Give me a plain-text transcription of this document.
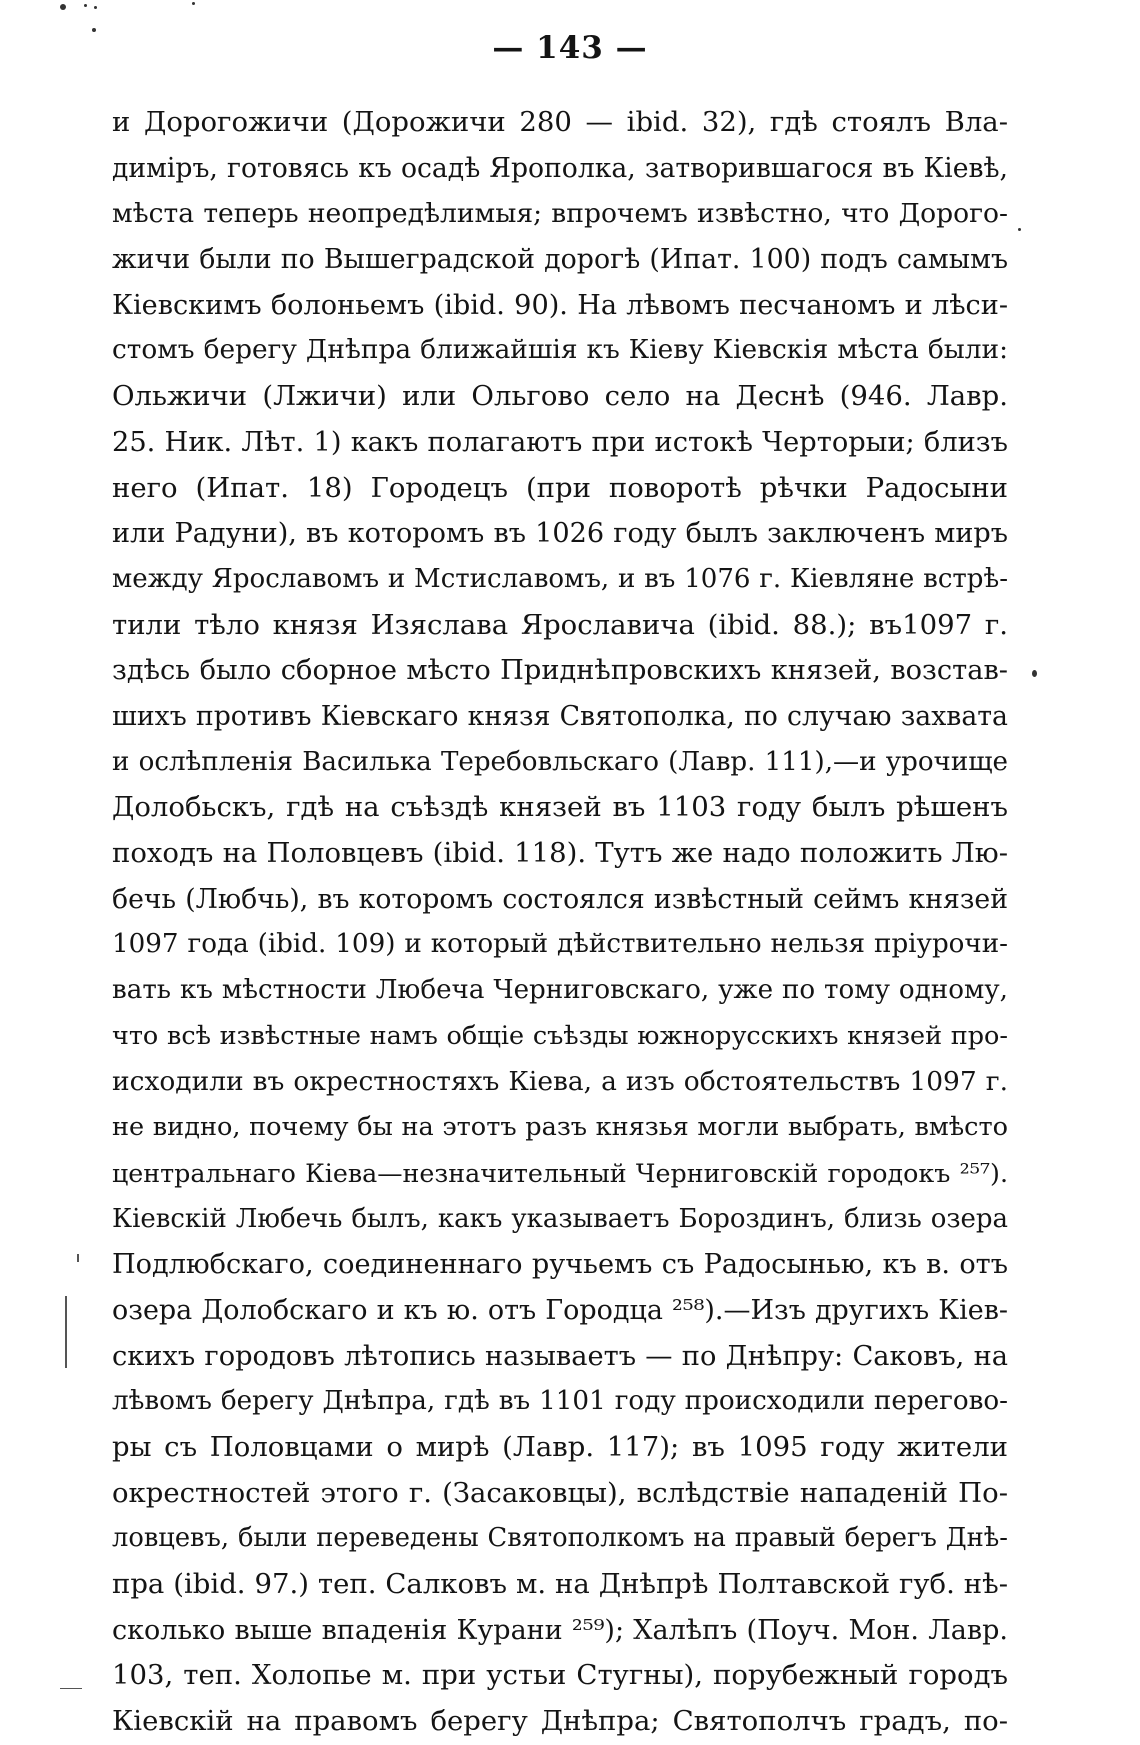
— 143 —
и Дорогожичи (Дорожичи 280 — ibid. 32), гдѣ стоялъ Вла-
диміръ, готовясь къ осадѣ Ярополка, затворившагося въ Кіевѣ,
мѣста теперь неопредѣлимыя; впрочемъ извѣстно, что Дорого-
жичи были по Вышеградской дорогѣ (Ипат. 100) подъ самымъ
Кіевскимъ болоньемъ (ibid. 90). На лѣвомъ песчаномъ и лѣси-
стомъ берегу Днѣпра ближайшія къ Кіеву Кіевскія мѣста были:
Ольжичи (Лжичи) или Ольгово село на Деснѣ (946. Лавр.
25. Ник. Лѣт. 1) какъ полагаютъ при истокѣ Черторыи; близъ
него (Ипат. 18) Городецъ (при поворотѣ рѣчки Радосыни
или Радуни), въ которомъ въ 1026 году былъ заключенъ миръ
между Ярославомъ и Мстиславомъ, и въ 1076 г. Кіевляне встрѣ-
тили тѣло князя Изяслава Ярославича (ibid. 88.); въ1097 г.
здѣсь было сборное мѣсто Приднѣпровскихъ князей, возстав-
шихъ противъ Кіевскаго князя Святополка, по случаю захвата
и ослѣпленія Василька Теребовльскаго (Лавр. 111),—и урочище
Долобьскъ, гдѣ на съѣздѣ князей въ 1103 году былъ рѣшенъ
походъ на Половцевъ (ibid. 118). Тутъ же надо положить Лю-
бечь (Любчь), въ которомъ состоялся извѣстный сеймъ князей
1097 года (ibid. 109) и который дѣйствительно нельзя пріурочи-
вать къ мѣстности Любеча Черниговскаго, уже по тому одному,
что всѣ извѣстные намъ общіе съѣзды южнорусскихъ князей про-
исходили въ окрестностяхъ Кіева, а изъ обстоятельствъ 1097 г.
не видно, почему бы на этотъ разъ князья могли выбрать, вмѣсто
центральнаго Кіева—незначительный Черниговскій городокъ ²⁵⁷).
Кіевскій Любечь былъ, какъ указываетъ Бороздинъ, близь озера
Подлюбскаго, соединеннаго ручьемъ съ Радосынью, къ в. отъ
озера Долобскаго и къ ю. отъ Городца ²⁵⁸).—Изъ другихъ Кіев-
скихъ городовъ лѣтопись называетъ — по Днѣпру: Саковъ, на
лѣвомъ берегу Днѣпра, гдѣ въ 1101 году происходили перегово-
ры съ Половцами о мирѣ (Лавр. 117); въ 1095 году жители
окрестностей этого г. (Засаковцы), вслѣдствіе нападеній По-
ловцевъ, были переведены Святополкомъ на правый берегъ Днѣ-
пра (ibid. 97.) теп. Салковъ м. на Днѣпрѣ Полтавской губ. нѣ-
сколько выше впаденія Курани ²⁵⁹); Халѣпъ (Поуч. Мон. Лавр.
103, теп. Холопье м. при устьи Стугны), порубежный городъ
Кіевскій на правомъ берегу Днѣпра; Святополчъ градъ, по-
